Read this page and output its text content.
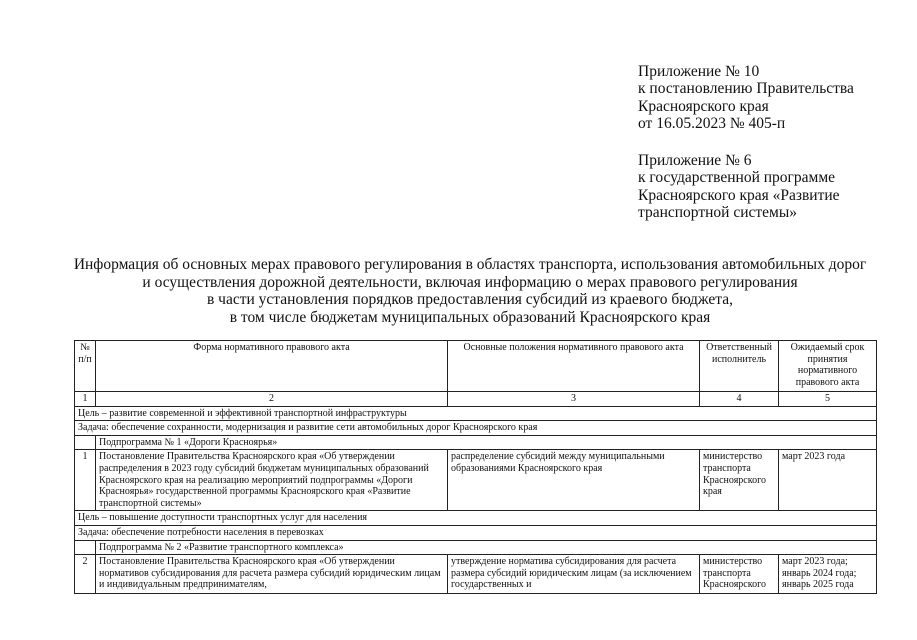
Приложение № 10
к постановлению Правительства
Красноярского края
от 16.05.2023 № 405-п
Приложение № 6
к государственной программе
Красноярского края «Развитие
транспортной системы»
Информация об основных мерах правового регулирования в областях транспорта, использования автомобильных дорог
и осуществления дорожной деятельности, включая информацию о мерах правового регулирования
в части установления порядков предоставления субсидий из краевого бюджета,
в том числе бюджетам муниципальных образований Красноярского края
№ п/п	Форма нормативного правового акта	Основные положения нормативного правового акта	Ответственный исполнитель	Ожидаемый срок принятия нормативного правового акта
1	2	3	4	5
Цель – развитие современной и эффективной транспортной инфраструктуры				
Задача: обеспечение сохранности, модернизация и развитие сети автомобильных дорог Красноярского края				
	Подпрограмма № 1 «Дороги Красноярья»			
1	Постановление Правительства Красноярского края «Об утверждении распределения в 2023 году субсидий бюджетам муниципальных образований Красноярского края на реализацию мероприятий подпрограммы «Дороги Красноярья» государственной программы Красноярского края «Развитие транспортной системы»	распределение субсидий между муниципальными образованиями Красноярского края	министерство транспорта Красноярского края	март 2023 года
Цель – повышение доступности транспортных услуг для населения				
Задача: обеспечение потребности населения в перевозках				
	Подпрограмма № 2 «Развитие транспортного комплекса»			
2	Постановление Правительства Красноярского края «Об утверждении нормативов субсидирования для расчета размера субсидий юридическим лицам и индивидуальным предпринимателям,	утверждение норматива субсидирования для расчета размера субсидий юридическим лицам (за исключением государственных и	министерство транспорта Красноярского	март 2023 года;
январь 2024 года;
январь 2025 года
